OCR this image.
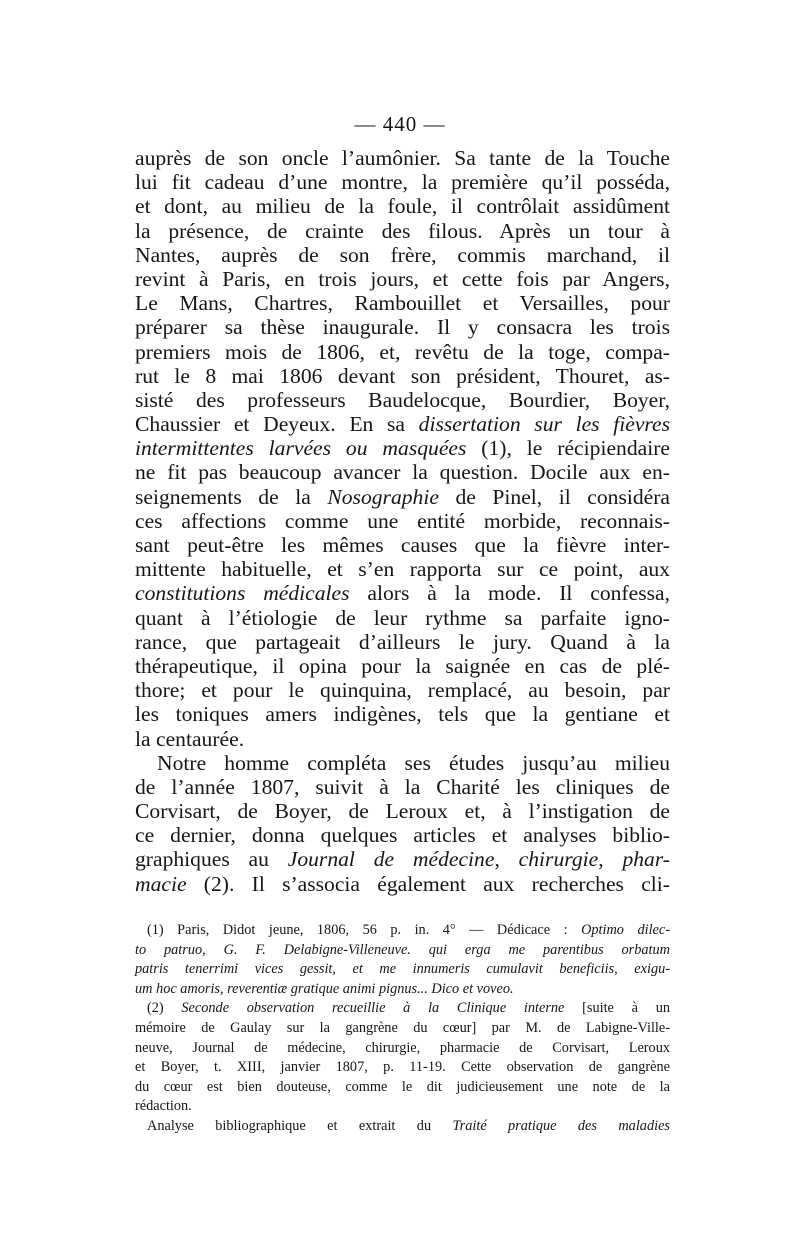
— 440 —
auprès de son oncle l’aumônier. Sa tante de la Touche
lui fit cadeau d’une montre, la première qu’il posséda,
et dont, au milieu de la foule, il contrôlait assidûment
la présence, de crainte des filous. Après un tour à
Nantes, auprès de son frère, commis marchand, il
revint à Paris, en trois jours, et cette fois par Angers,
Le Mans, Chartres, Rambouillet et Versailles, pour
préparer sa thèse inaugurale. Il y consacra les trois
premiers mois de 1806, et, revêtu de la toge, compa-
rut le 8 mai 1806 devant son président, Thouret, as-
sisté des professeurs Baudelocque, Bourdier, Boyer,
Chaussier et Deyeux. En sa dissertation sur les fièvres
intermittentes larvées ou masquées (1), le récipiendaire
ne fit pas beaucoup avancer la question. Docile aux en-
seignements de la Nosographie de Pinel, il considéra
ces affections comme une entité morbide, reconnais-
sant peut-être les mêmes causes que la fièvre inter-
mittente habituelle, et s’en rapporta sur ce point, aux
constitutions médicales alors à la mode. Il confessa,
quant à l’étiologie de leur rythme sa parfaite igno-
rance, que partageait d’ailleurs le jury. Quand à la
thérapeutique, il opina pour la saignée en cas de plé-
thore; et pour le quinquina, remplacé, au besoin, par
les toniques amers indigènes, tels que la gentiane et
la centaurée.
Notre homme compléta ses études jusqu’au milieu
de l’année 1807, suivit à la Charité les cliniques de
Corvisart, de Boyer, de Leroux et, à l’instigation de
ce dernier, donna quelques articles et analyses biblio-
graphiques au Journal de médecine, chirurgie, phar-
macie (2). Il s’associa également aux recherches cli-
(1) Paris, Didot jeune, 1806, 56 p. in. 4° — Dédicace : Optimo dilec-
to patruo, G. F. Delabigne-Villeneuve. qui erga me parentibus orbatum
patris tenerrimi vices gessit, et me innumeris cumulavit beneficiis, exigu-
um hoc amoris, reverentiæ gratique animi pignus... Dico et voveo.
(2) Seconde observation recueillie à la Clinique interne [suite à un
mémoire de Gaulay sur la gangrène du cœur] par M. de Labigne-Ville-
neuve, Journal de médecine, chirurgie, pharmacie de Corvisart, Leroux
et Boyer, t. XIII, janvier 1807, p. 11-19. Cette observation de gangrène
du cœur est bien douteuse, comme le dit judicieusement une note de la
rédaction.
Analyse bibliographique et extrait du Traité pratique des maladies
